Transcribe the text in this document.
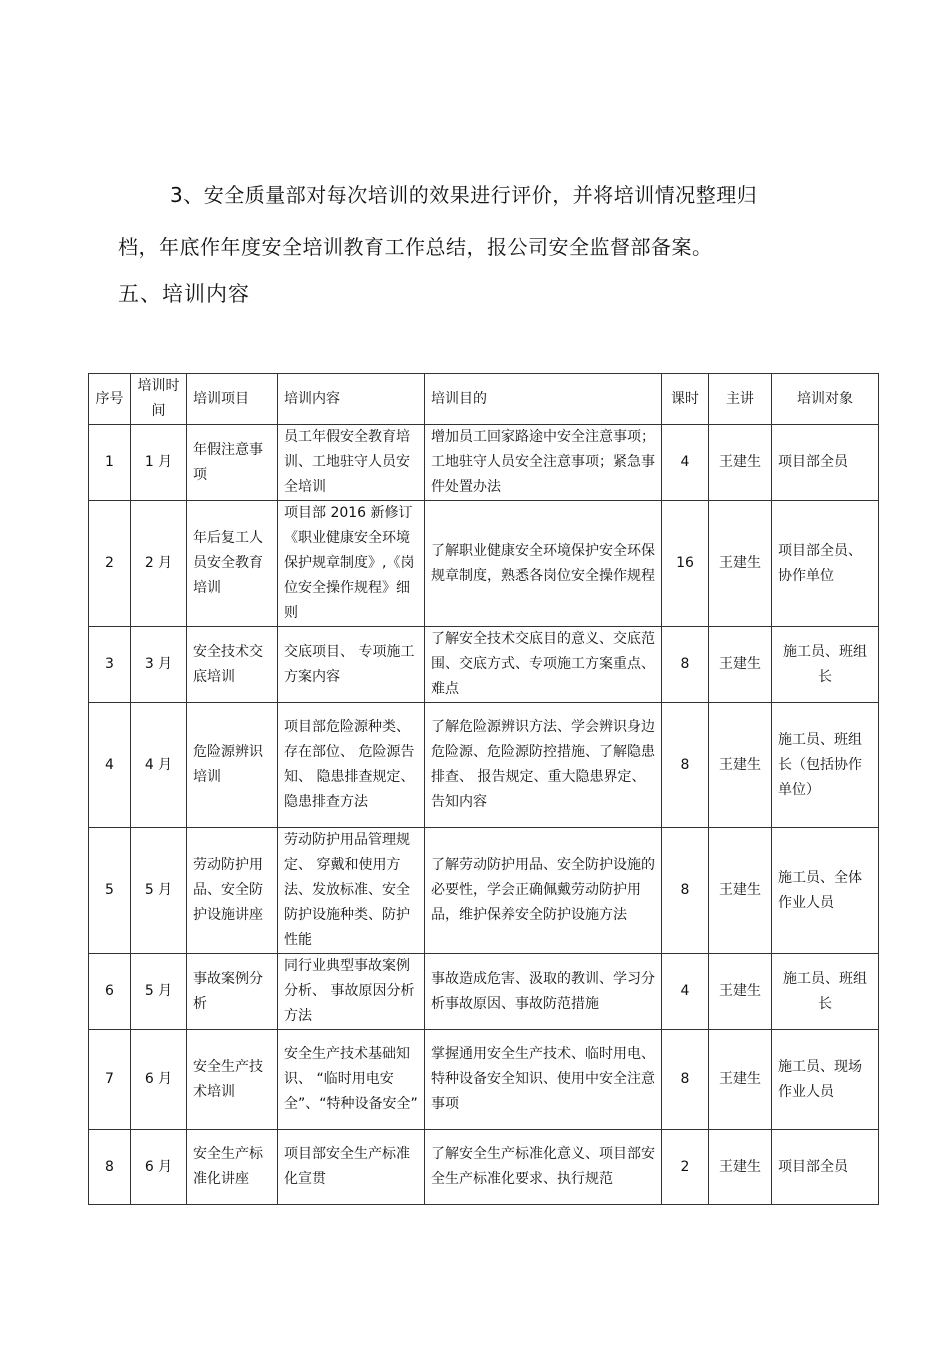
3、安全质量部对每次培训的效果进行评价，并将培训情况整理归
档，年底作年度安全培训教育工作总结，报公司安全监督部备案。
五、培训内容
序号	培训时间	培训项目	培训内容	培训目的	课时	主讲	培训对象
1	1 月	年假注意事项	员工年假安全教育培训、工地驻守人员安全培训	增加员工回家路途中安全注意事项；工地驻守人员安全注意事项；紧急事件处置办法	4	王建生	项目部全员
2	2 月	年后复工人员安全教育培训	项目部 2016 新修订《职业健康安全环境保护规章制度》,《岗位安全操作规程》细则	了解职业健康安全环境保护安全环保规章制度，熟悉各岗位安全操作规程	16	王建生	项目部全员、协作单位
3	3 月	安全技术交底培训	交底项目、 专项施工方案内容	了解安全技术交底目的意义、交底范围、交底方式、专项施工方案重点、难点	8	王建生	施工员、班组长
4	4 月	危险源辨识培训	项目部危险源种类、存在部位、 危险源告知、 隐患排查规定、 隐患排查方法	了解危险源辨识方法、学会辨识身边危险源、危险源防控措施、了解隐患排查、 报告规定、重大隐患界定、告知内容	8	王建生	施工员、班组长（包括协作单位）
5	5 月	劳动防护用品、安全防护设施讲座	劳动防护用品管理规定、 穿戴和使用方法、发放标准、安全防护设施种类、防护性能	了解劳动防护用品、安全防护设施的必要性，学会正确佩戴劳动防护用品，维护保养安全防护设施方法	8	王建生	施工员、全体作业人员
6	5 月	事故案例分析	同行业典型事故案例分析、 事故原因分析方法	事故造成危害、汲取的教训、学习分析事故原因、事故防范措施	4	王建生	施工员、班组长
7	6 月	安全生产技术培训	安全生产技术基础知识、 “临时用电安全”、“特种设备安全”	掌握通用安全生产技术、临时用电、特种设备安全知识、使用中安全注意事项	8	王建生	施工员、现场作业人员
8	6 月	安全生产标准化讲座	项目部安全生产标准化宣贯	了解安全生产标准化意义、项目部安全生产标准化要求、执行规范	2	王建生	项目部全员
